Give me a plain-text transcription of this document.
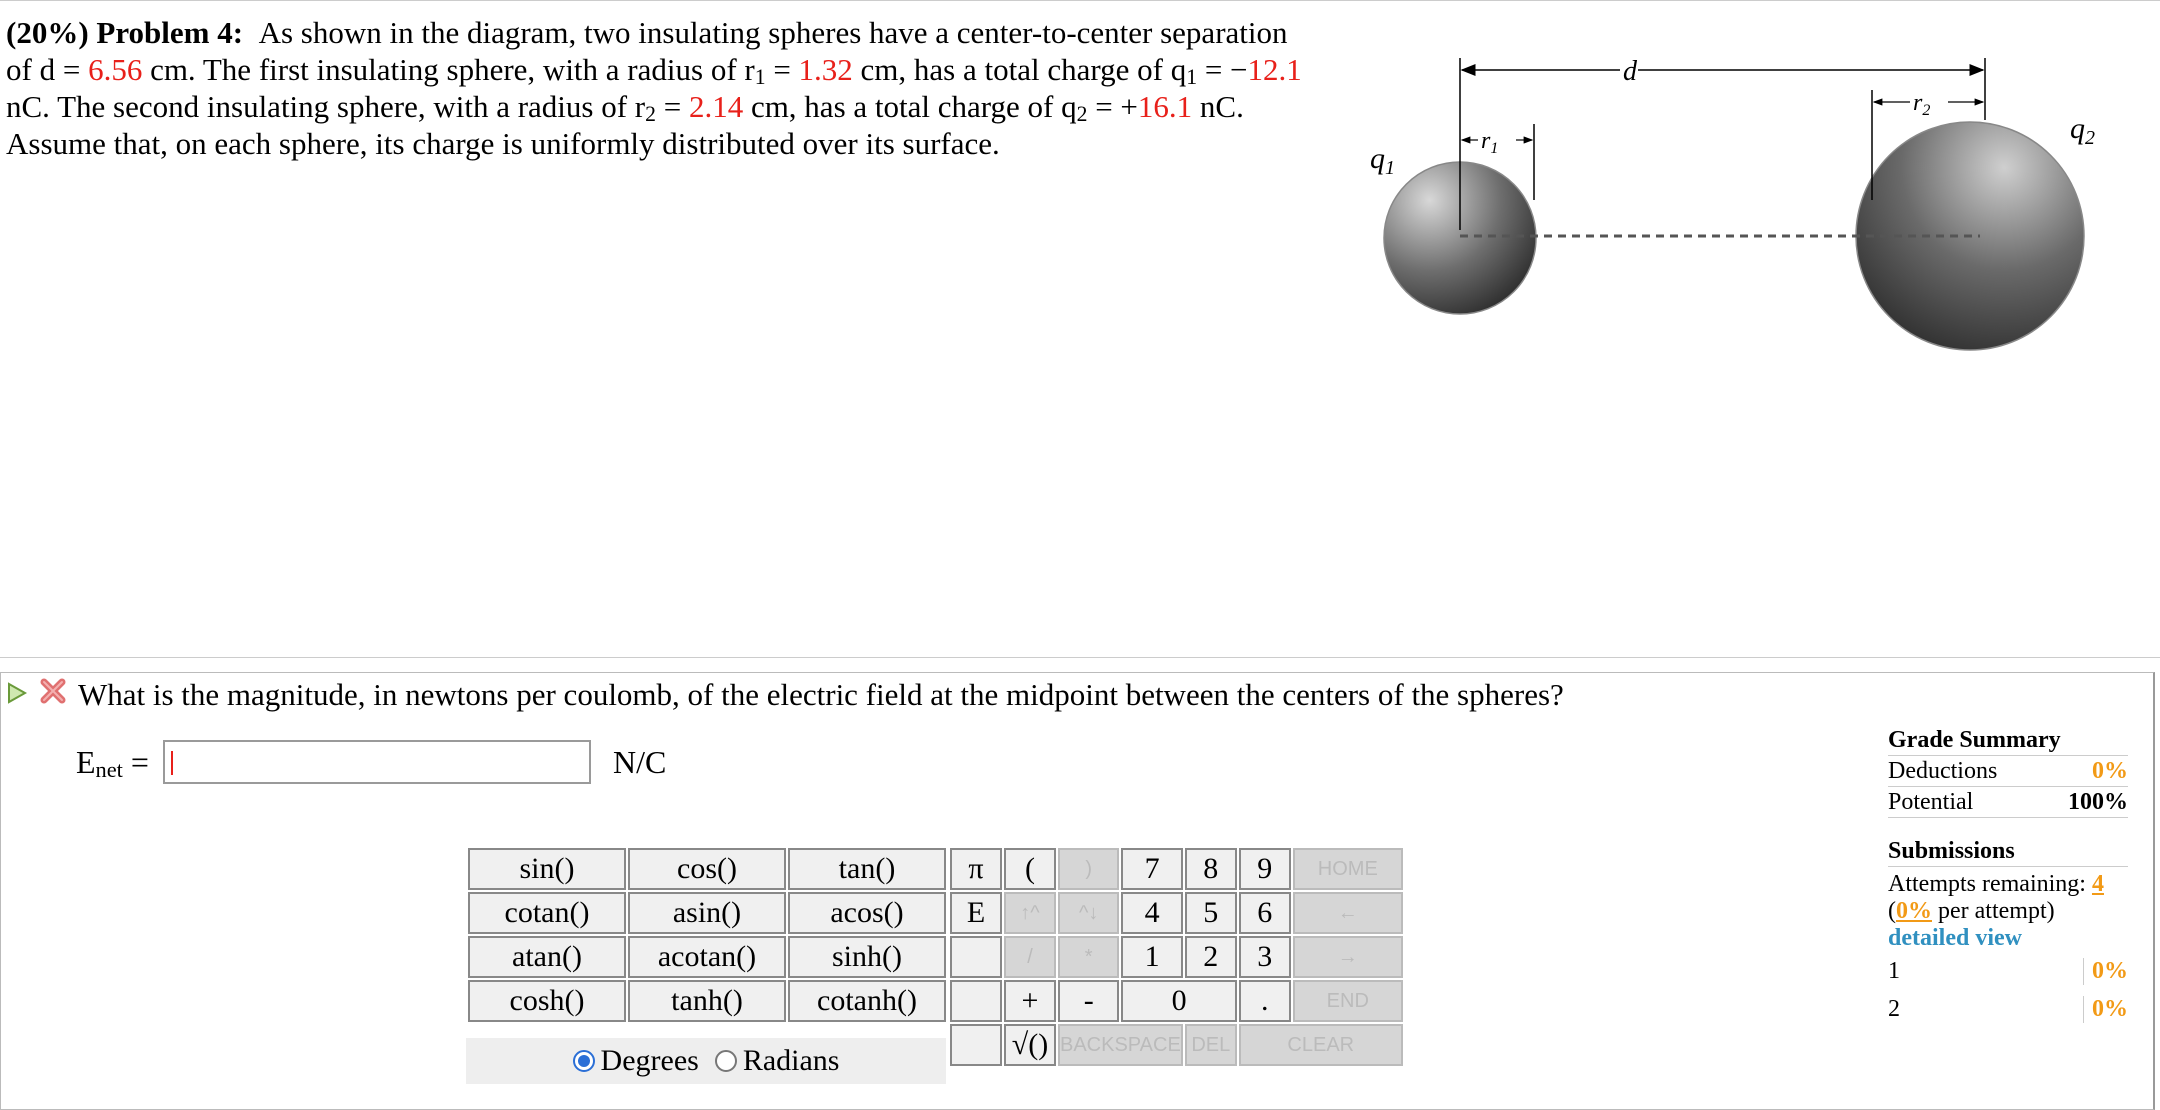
(20%) Problem 4: As shown in the diagram, two insulating spheres have a center-to-center separation of d = 6.56 cm. The first insulating sphere, with a radius of $r_1 = 1.32$ cm, has a total charge of $q_1 = -12.1$ nC. The second insulating sphere, with a radius of $r_2 = 2.14$ cm, has a total charge of $q_2 = +16.1$ nC. Assume that, on each sphere, its charge is uniformly distributed over its surface.
d
$r_1$
$r_2$
$q_1$
$q_2$
What is the magnitude, in newtons per coulomb, of the electric field at the midpoint between the centers of the spheres?
$E_{net}$ =	N/C
sin()	cos()	tan()
cotan()	asin()	acos()
atan()	acotan()	sinh()
cosh()	tanh()	cotanh()
Degrees Radians
π	(	)	7	8	9	HOME
E	↑^	^↓	4	5	6	←
	/	*	1	2	3	→
	+	-	0		.	END
	√()	BACKSPACE		DEL	CLEAR	
Grade Summary
Deductions	0%
Potential	100%
Submissions
Attempts remaining: 4
(0% per attempt)
detailed view
1	0%
2	0%
